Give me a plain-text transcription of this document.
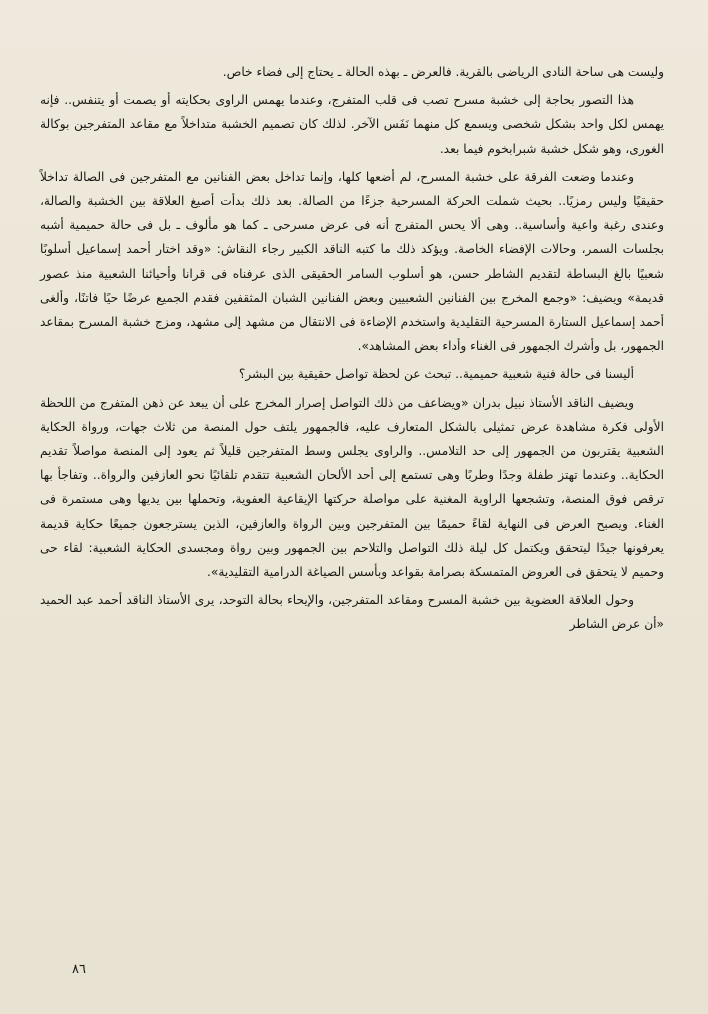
وليست هى ساحة النادى الرياضى بالقرية. فالعرض ـ بهذه الحالة ـ يحتاج إلى فضاء خاص.

هذا التصور بحاجة إلى خشبة مسرح تصب فى قلب المتفرج، وعندما يهمس الراوى بحكايته أو يصمت أو يتنفس.. فإنه يهمس لكل واحد بشكل شخصى ويسمع كل منهما نَفَس الآخر. لذلك كان تصميم الخشبة متداخلاً مع مقاعد المتفرجين بوكالة الغورى، وهو شكل خشبة شبرابخوم فيما بعد.

وعندما وضعت الفرقة على خشبة المسرح، لم أضعها كلها، وإنما تداخل بعض الفنانين مع المتفرجين فى الصالة تداخلاً حقيقيًا وليس رمزيًا.. بحيث شملت الحركة المسرحية جزءًا من الصالة. بعد ذلك بدأت أصيغ العلاقة بين الخشبة والصالة، وعندى رغبة واعية وأساسية.. وهى ألا يحس المتفرج أنه فى عرض مسرحى ـ كما هو مألوف ـ بل فى حالة حميمية أشبه بجلسات السمر، وحالات الإفضاء الخاصة. ويؤكد ذلك ما كتبه الناقد الكبير رجاء النقاش: «وقد اختار أحمد إسماعيل أسلوبًا شعبيًا بالغ البساطة لتقديم الشاطر حسن، هو أسلوب السامر الحقيقى الذى عرفناه فى قرانا وأحيائنا الشعبية منذ عصور قديمة» ويضيف: «وجمع المخرج بين الفنانين الشعبيين وبعض الفنانين الشبان المثقفين فقدم الجميع عرضًا حيًا فاتنًا، وألغى أحمد إسماعيل الستارة المسرحية التقليدية واستخدم الإضاءة فى الانتقال من مشهد إلى مشهد، ومزج خشبة المسرح بمقاعد الجمهور، بل وأشرك الجمهور فى الغناء وأداء بعض المشاهد».

أليسنا فى حالة فنية شعبية حميمية.. تبحث عن لحظة تواصل حقيقية بين البشر؟

ويضيف الناقد الأستاذ نبيل بدران «ويضاعف من ذلك التواصل إصرار المخرج على أن يبعد عن ذهن المتفرج من اللحظة الأولى فكرة مشاهدة عرض تمثيلى بالشكل المتعارف عليه، فالجمهور يلتف حول المنصة من ثلاث جهات، ورواة الحكاية الشعبية يقتربون من الجمهور إلى حد التلامس.. والراوى يجلس وسط المتفرجين قليلاً ثم يعود إلى المنصة مواصلاً تقديم الحكاية.. وعندما تهتز طفلة وجدًا وطربًا وهى تستمع إلى أحد الألحان الشعبية تتقدم تلقائيًا نحو العازفين والرواة.. وتفاجأ بها ترقص فوق المنصة، وتشجعها الراوية المغنية على مواصلة حركتها الإيقاعية العفوية، وتحملها بين يديها وهى مستمرة فى الغناء. ويصبح العرض فى النهاية لقاءً حميمًا بين المتفرجين وبين الرواة والعازفين، الذين يسترجعون جميعًا حكاية قديمة يعرفونها جيدًا ليتحقق ويكتمل كل ليلة ذلك التواصل والتلاحم بين الجمهور وبين رواة ومجسدى الحكاية الشعبية: لقاء حى وحميم لا يتحقق فى العروض المتمسكة بصرامة بقواعد وبأسس الصياغة الدرامية التقليدية».

وحول العلاقة العضوية بين خشبة المسرح ومقاعد المتفرجين، والإيحاء بحالة التوحد، يرى الأستاذ الناقد أحمد عبد الحميد «أن عرض الشاطر

٨٦
